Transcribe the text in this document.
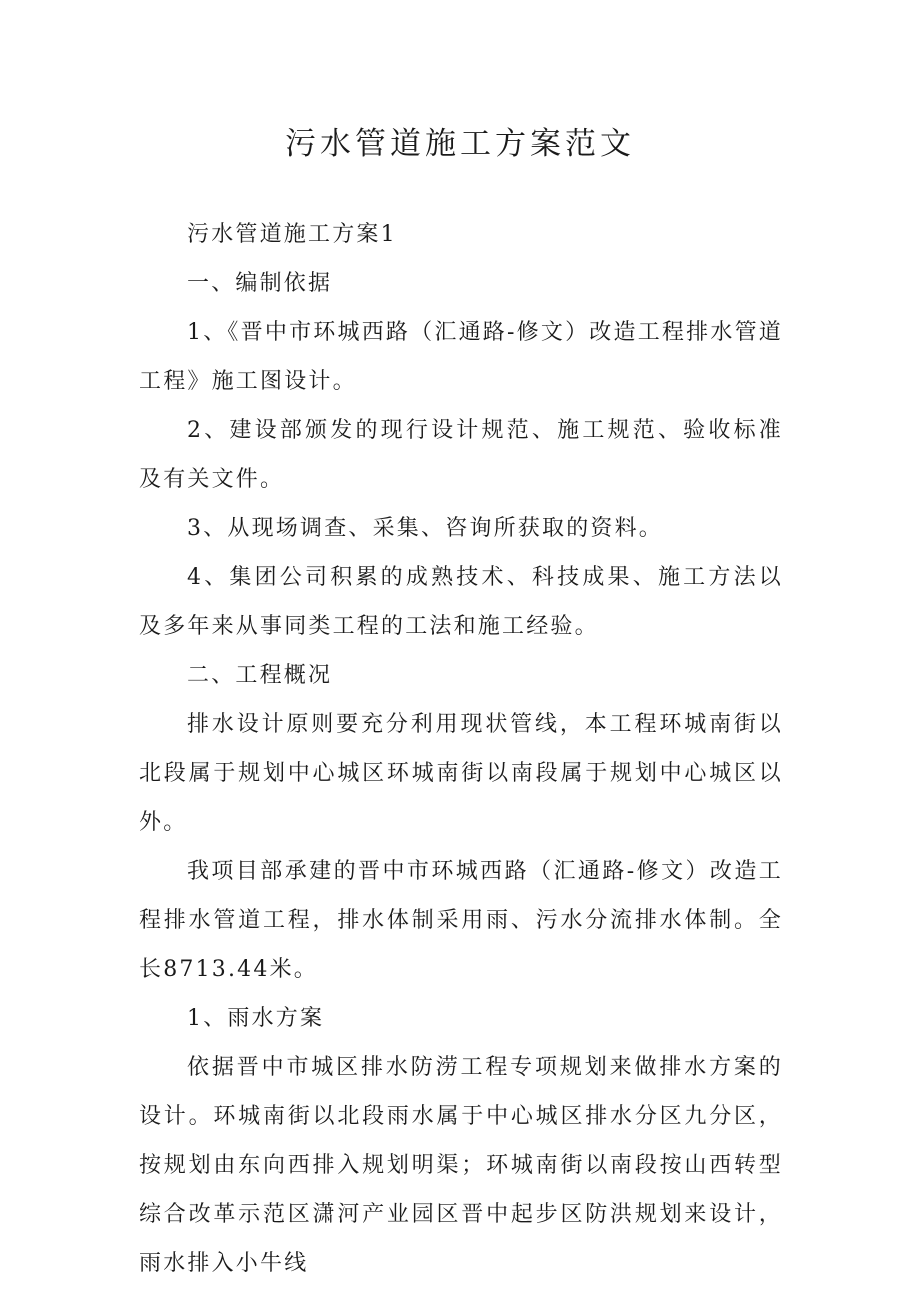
污水管道施工方案范文

污水管道施工方案1

一、编制依据

1、《晋中市环城西路（汇通路-修文）改造工程排水管道工程》施工图设计。

2、建设部颁发的现行设计规范、施工规范、验收标准及有关文件。

3、从现场调查、采集、咨询所获取的资料。

4、集团公司积累的成熟技术、科技成果、施工方法以及多年来从事同类工程的工法和施工经验。

二、工程概况

排水设计原则要充分利用现状管线，本工程环城南街以北段属于规划中心城区环城南街以南段属于规划中心城区以外。

我项目部承建的晋中市环城西路（汇通路-修文）改造工程排水管道工程，排水体制采用雨、污水分流排水体制。全长8713.44米。

1、雨水方案

依据晋中市城区排水防涝工程专项规划来做排水方案的设计。环城南街以北段雨水属于中心城区排水分区九分区，按规划由东向西排入规划明渠；环城南街以南段按山西转型综合改革示范区潇河产业园区晋中起步区防洪规划来设计，雨水排入小牛线
